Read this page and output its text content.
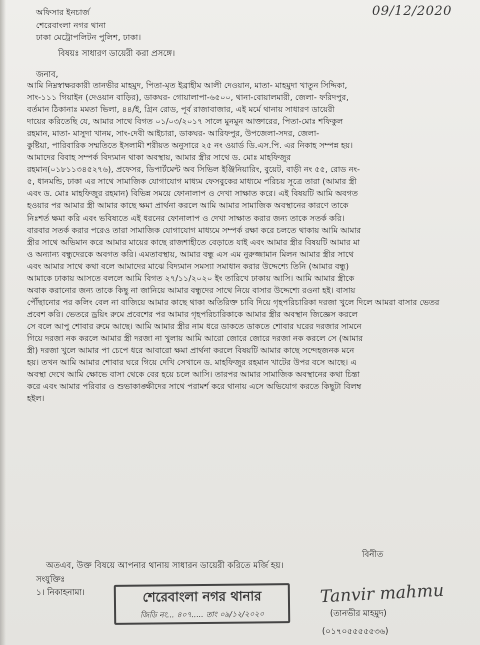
09/12/2020
অফিসার ইনচার্জ
শেরেবাংলা নগর থানা
ঢাকা মেট্রোপলিটন পুলিশ, ঢাকা।
বিষয়ঃ সাধারণ ডায়েরী করা প্রসঙ্গে।
জনাব,
আমি নিম্নস্বাক্ষরকারী তানভীর মাহমুদ, পিতা-মৃত ইব্রাহীম আলী দেওয়ান, মাতা- মাহমুদা খাতুন সিদ্দিকা,
সাং-১১১ গিয়াইন (দেওয়ান বাড়ির), ডাকঘর- গোয়ালাপা-৬৫০০, থানা-বোয়ালমারী, জেলা- ফরিদপুর,
বর্তমান ঠিকানাঃ মমতা ভিলা, ৪৪/ই, গ্রিন রোড, পূর্ব রাজাবাজার, এই মর্মে থানায় সাধারণ ডায়েরী
দায়ের করিতেছি যে, আমার সাথে বিগত ০১/০৩/২০১৭ সালে মুনমুন আক্তারের, পিতা-মোঃ শফিকুল
রহমান, মাতা- মাসুদা খানম, সাং-দেবী আইচারা, ডাকঘর- আরিফপুর, উপজেলা-সদর, জেলা-
কুষ্টিয়া, পারিবারিক সম্মতিতে ইসলামী শরীয়ত অনুসারে ২৫ নং ওয়ার্ড ডি.এস.পি. এর নিকাহ সম্পন্ন হয়।
আমাদের বিবাহ সম্পর্ক বিদ্যমান থাকা অবস্থায়, আমার স্ত্রীর সাথে ড. মোঃ মাহফিজুর
রহমান(০১৮১১৩৪৫২৭৬), প্রফেসর, ডিপার্টমেন্ট অব সিভিল ইঞ্জিনিয়ারিং, বুয়েট, বাড়ী নং ৫৫, রোড নং-
৫, ধানমন্ডি, ঢাকা এর সাথে সামাজিক যোগাযোগ মাধ্যম ফেসবুকের মাধ্যমে পরিচয় সূত্রে তারা (আমার স্ত্রী
এবং ড. মোঃ মাহফিজুর রহমান) বিভিন্ন সময়ে ফোনালাপ ও দেখা সাক্ষাত করে। এই বিষয়টি আমি অবগত
হওয়ার পর আমার স্ত্রী আমার কাছে ক্ষমা প্রার্থনা করলে আমি আমার সামাজিক অবস্থানের কারণে তাকে
নিঃশর্ত ক্ষমা করি এবং ভবিষ্যতে এই ধরনের ফোনালাপ ও দেখা সাক্ষাত করার জন্য তাকে সতর্ক করি।
বারবার সতর্ক করার পরেও তারা সামাজিক যোগাযোগ মাধ্যমে সম্পর্ক রক্ষা করে চলতে থাকায় আমি আমার
স্ত্রীর সাথে অভিমান করে আমার মায়ের কাছে রাজশাহীতে বেড়াতে যাই এবং আমার স্ত্রীর বিষয়টি আমার মা
ও অন্যান্য বন্ধুদেরকে অবগত করি। এমতাবস্থায়, আমার বন্ধু এস এম নুরুজ্জামান মিলন আমার স্ত্রীর সাথে
এবং আমার সাথে কথা বলে আমাদের মাঝে বিদ্যমান সমস্যা সমাধান করার উদ্দেশ্যে তিনি (আমার বন্ধু)
আমাকে ঢাকায় আসতে বললে আমি বিগত ২৭/১১/২০২০ ইং তারিখে ঢাকায় আসি। আমি আমার স্ত্রীকে
অবাক করানোর জন্য তাকে কিছু না জানিয়ে আমার বন্ধুদের সাথে নিয়ে বাসার উদ্দেশ্যে রওনা হই। বাসায়
পৌঁছানোর পর কলিং বেল না বাজিয়ে আমার কাছে থাকা অতিরিক্ত চাবি দিয়ে গৃহপরিচারিকা দরজা খুলে দিলে আমরা বাসার ভেতর
প্রবেশ করি। ভেতরে ড্রয়িং রুমে প্রবেশের পর আমার গৃহপরিচারিকাকে আমার স্ত্রীর অবস্থান জিজ্ঞেস করলে
সে বলে আপু শোবার রুমে আছে। আমি আমার স্ত্রীর নাম ধরে ডাকতে ডাকতে শোবার ঘরের দরজার সামনে
গিয়ে দরজা নক করলে আমার স্ত্রী দরজা না খুলায় আমি আরো জোরে জোরে দরজা নক করলে সে (আমার
স্ত্রী) দরজা খুলে আমার পা চেপে ধরে আবারো ক্ষমা প্রার্থনা করলে বিষয়টি আমার কাছে সন্দেহজনক মনে
হয়। তখন আমি আমার শোবার ঘরে গিয়ে দেখি সেখানে ড. মাহফিজুর রহমান খাটের উপর বসে আছে। এ
অবস্থা দেখে আমি ক্ষোভে বাসা থেকে বের হয়ে চলে আসি। তারপর আমার সামাজিক অবস্থানের কথা চিন্তা
করে এবং আমার পরিবার ও শুভাকাঙ্ক্ষীদের সাথে পরামর্শ করে থানায় এসে অভিযোগ করতে কিছুটা বিলম্ব
হইল।
বিনীত
অতএব, উক্ত বিষয়ে আপনার থানায় সাধারন ডায়েরী করিতে মর্জি হয়।
সংযুক্তিঃ
১। নিকাহনামা।	শেরেবাংলা নগর থানার
জিডি নং... ৪০৭..... তাং ০৯/১২/২০২০
Tanvir mahmu
(তানভীর মাহমুদ)
(০১৭০৫৫৫৫৫৩৬)
